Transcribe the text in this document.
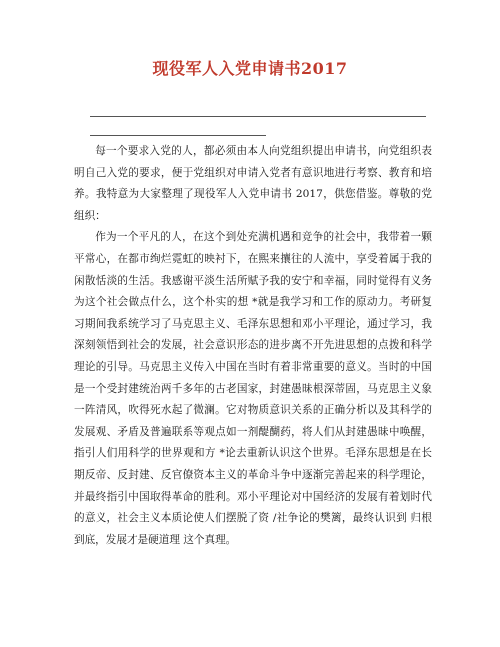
现役军人入党申请书2017

每一个要求入党的人，都必须由本人向党组织提出申请书，向党组织表明自己入党的要求，便于党组织对申请入党者有意识地进行考察、教育和培养。我特意为大家整理了现役军人入党申请书 2017，供您借鉴。尊敬的党组织：

作为一个平凡的人，在这个到处充满机遇和竞争的社会中，我带着一颗平常心，在都市绚烂霓虹的映衬下，在熙来攘往的人流中，享受着属于我的闲散恬淡的生活。我感谢平淡生活所赋予我的安宁和幸福，同时觉得有义务为这个社会做点什么，这个朴实的想 *就是我学习和工作的原动力。考研复习期间我系统学习了马克思主义、毛泽东思想和邓小平理论，通过学习，我深刻领悟到社会的发展，社会意识形态的进步离不开先进思想的点拨和科学理论的引导。马克思主义传入中国在当时有着非常重要的意义。当时的中国是一个受封建统治两千多年的古老国家，封建愚昧根深蒂固，马克思主义象一阵清风，吹得死水起了微澜。它对物质意识关系的正确分析以及其科学的发展观、矛盾及普遍联系等观点如一剂醍醐药，将人们从封建愚昧中唤醒，指引人们用科学的世界观和方 *论去重新认识这个世界。毛泽东思想是在长期反帝、反封建、反官僚资本主义的革命斗争中逐渐完善起来的科学理论，并最终指引中国取得革命的胜利。邓小平理论对中国经济的发展有着划时代的意义，社会主义本质论使人们摆脱了资 /社争论的樊篱，最终认识到 归根到底，发展才是硬道理 这个真理。
